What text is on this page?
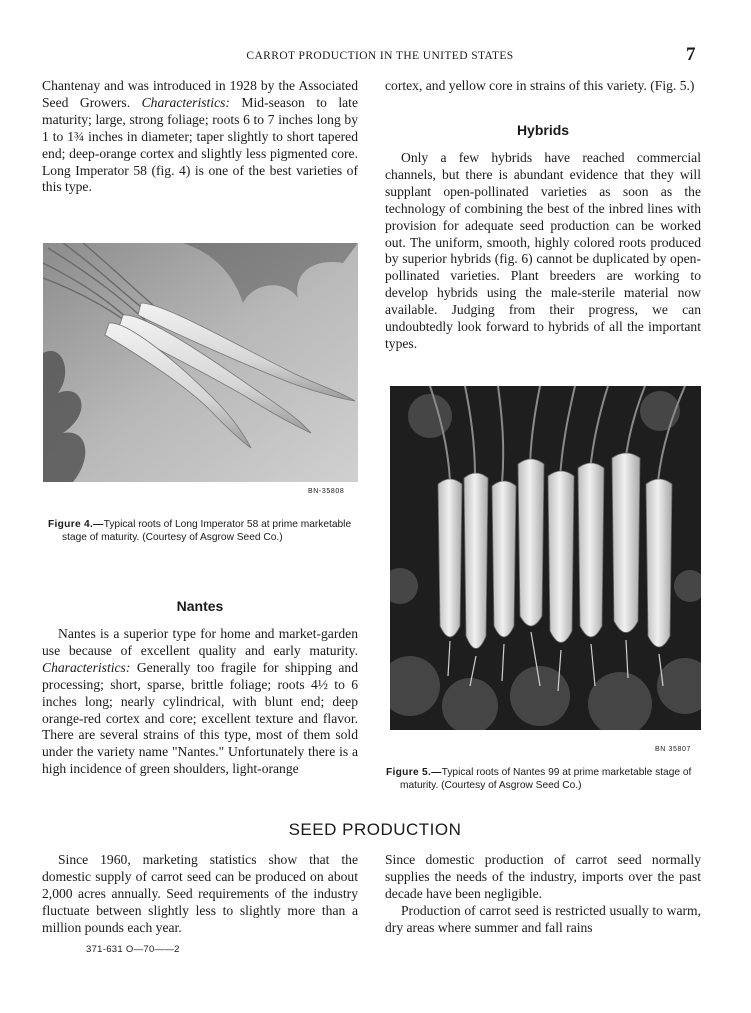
CARROT PRODUCTION IN THE UNITED STATES	7

Chantenay and was introduced in 1928 by the Associated Seed Growers. Characteristics: Mid-season to late maturity; large, strong foliage; roots 6 to 7 inches long by 1 to 1¾ inches in diameter; taper slightly to short tapered end; deep-orange cortex and slightly less pigmented core. Long Imperator 58 (fig. 4) is one of the best varieties of this type.

BN-35808
Figure 4.—Typical roots of Long Imperator 58 at prime marketable stage of maturity. (Courtesy of Asgrow Seed Co.)
Nantes

Nantes is a superior type for home and market-garden use because of excellent quality and early maturity. Characteristics: Generally too fragile for shipping and processing; short, sparse, brittle foliage; roots 4½ to 6 inches long; nearly cylindrical, with blunt end; deep orange-red cortex and core; excellent texture and flavor. There are several strains of this type, most of them sold under the variety name "Nantes." Unfortunately there is a high incidence of green shoulders, light-orange

cortex, and yellow core in strains of this variety. (Fig. 5.)

Hybrids

Only a few hybrids have reached commercial channels, but there is abundant evidence that they will supplant open-pollinated varieties as soon as the technology of combining the best of the inbred lines with provision for adequate seed production can be worked out. The uniform, smooth, highly colored roots produced by superior hybrids (fig. 6) cannot be duplicated by open-pollinated varieties. Plant breeders are working to develop hybrids using the male-sterile material now available. Judging from their progress, we can undoubtedly look forward to hybrids of all the important types.

BN 35807
Figure 5.—Typical roots of Nantes 99 at prime marketable stage of maturity. (Courtesy of Asgrow Seed Co.)
SEED PRODUCTION

Since 1960, marketing statistics show that the domestic supply of carrot seed can be produced on about 2,000 acres annually. Seed requirements of the industry fluctuate between slightly less to slightly more than a million pounds each year.

Since domestic production of carrot seed normally supplies the needs of the industry, imports over the past decade have been negligible.

Production of carrot seed is restricted usually to warm, dry areas where summer and fall rains

371-631 O—70——2
